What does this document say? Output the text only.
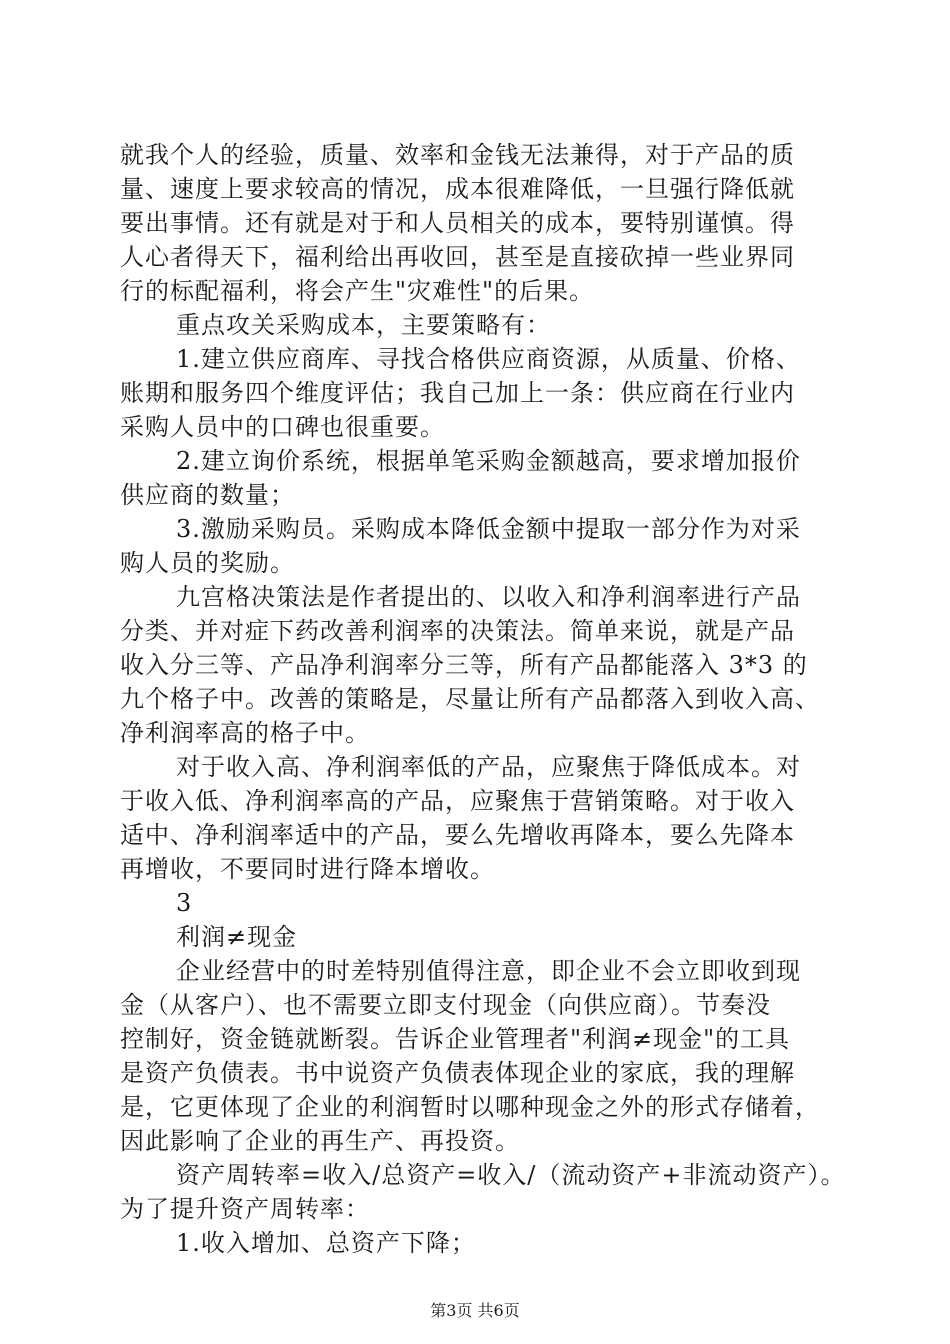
就我个人的经验，质量、效率和金钱无法兼得，对于产品的质
量、速度上要求较高的情况，成本很难降低，一旦强行降低就
要出事情。还有就是对于和人员相关的成本，要特别谨慎。得
人心者得天下，福利给出再收回，甚至是直接砍掉一些业界同
行的标配福利，将会产生"灾难性"的后果。
重点攻关采购成本，主要策略有：
1.建立供应商库、寻找合格供应商资源，从质量、价格、
账期和服务四个维度评估；我自己加上一条：供应商在行业内
采购人员中的口碑也很重要。
2.建立询价系统，根据单笔采购金额越高，要求增加报价
供应商的数量；
3.激励采购员。采购成本降低金额中提取一部分作为对采
购人员的奖励。
九宫格决策法是作者提出的、以收入和净利润率进行产品
分类、并对症下药改善利润率的决策法。简单来说，就是产品
收入分三等、产品净利润率分三等，所有产品都能落入 3*3 的
九个格子中。改善的策略是，尽量让所有产品都落入到收入高、
净利润率高的格子中。
对于收入高、净利润率低的产品，应聚焦于降低成本。对
于收入低、净利润率高的产品，应聚焦于营销策略。对于收入
适中、净利润率适中的产品，要么先增收再降本，要么先降本
再增收，不要同时进行降本增收。
3
利润≠现金
企业经营中的时差特别值得注意，即企业不会立即收到现
金（从客户）、也不需要立即支付现金（向供应商）。节奏没
控制好，资金链就断裂。告诉企业管理者"利润≠现金"的工具
是资产负债表。书中说资产负债表体现企业的家底，我的理解
是，它更体现了企业的利润暂时以哪种现金之外的形式存储着，
因此影响了企业的再生产、再投资。
资产周转率=收入/总资产=收入/（流动资产+非流动资产）。
为了提升资产周转率：
1.收入增加、总资产下降；
第3页 共6页
